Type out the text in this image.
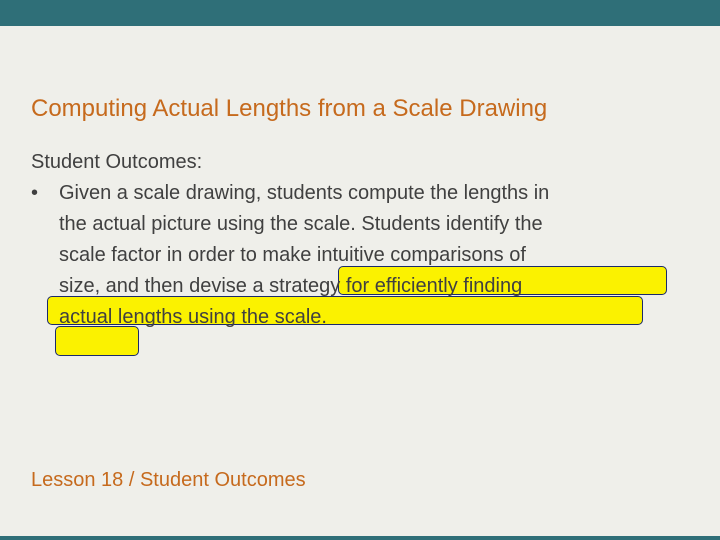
Computing Actual Lengths from a Scale Drawing
Student Outcomes:
• Given a scale drawing, students compute the lengths in
the actual picture using the scale. Students identify the
scale factor in order to make intuitive comparisons of
size, and then devise a strategy for efficiently finding
actual lengths using the scale.
Lesson 18 / Student Outcomes
